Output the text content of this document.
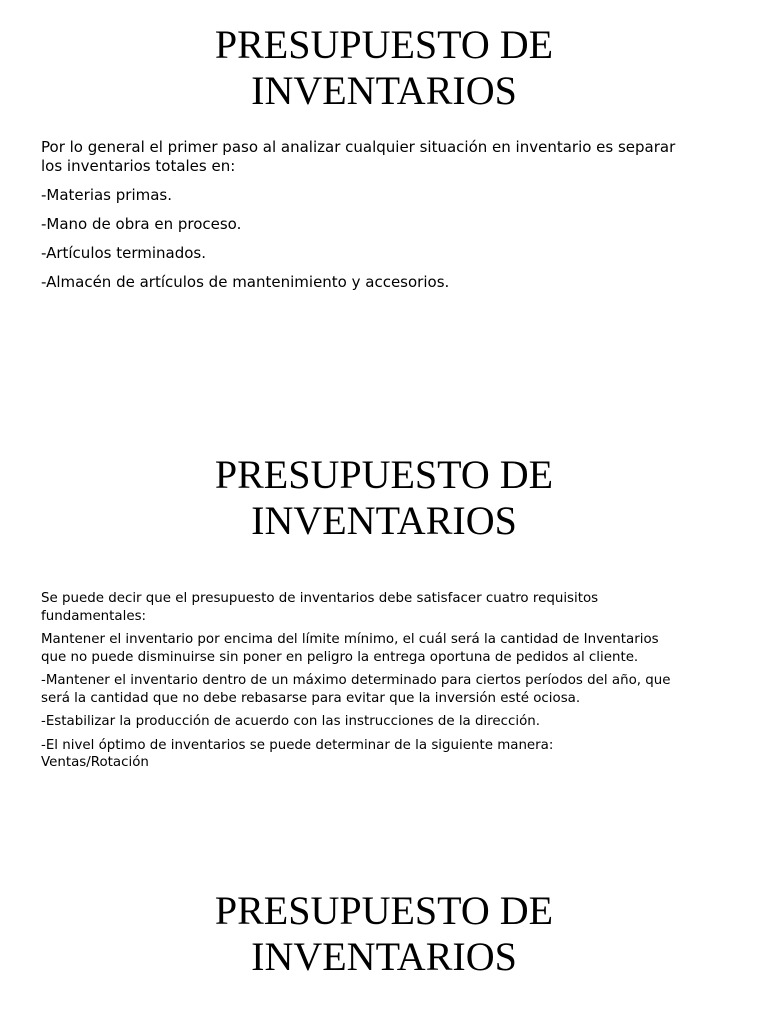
PRESUPUESTO DE
INVENTARIOS

Por lo general el primer paso al analizar cualquier situación en inventario es separar los inventarios totales en:

-Materias primas.

-Mano de obra en proceso.

-Artículos terminados.

-Almacén de artículos de mantenimiento y accesorios.

PRESUPUESTO DE
INVENTARIOS

Se puede decir que el presupuesto de inventarios debe satisfacer cuatro requisitos fundamentales:

Mantener el inventario por encima del límite mínimo, el cuál será la cantidad de Inventarios que no puede disminuirse sin poner en peligro la entrega oportuna de pedidos al cliente.

-Mantener el inventario dentro de un máximo determinado para ciertos períodos del año, que será la cantidad que no debe rebasarse para evitar que la inversión esté ociosa.

-Estabilizar la producción de acuerdo con las instrucciones de la dirección.

-El nivel óptimo de inventarios se puede determinar de la siguiente manera:

Ventas/Rotación

PRESUPUESTO DE
INVENTARIOS
